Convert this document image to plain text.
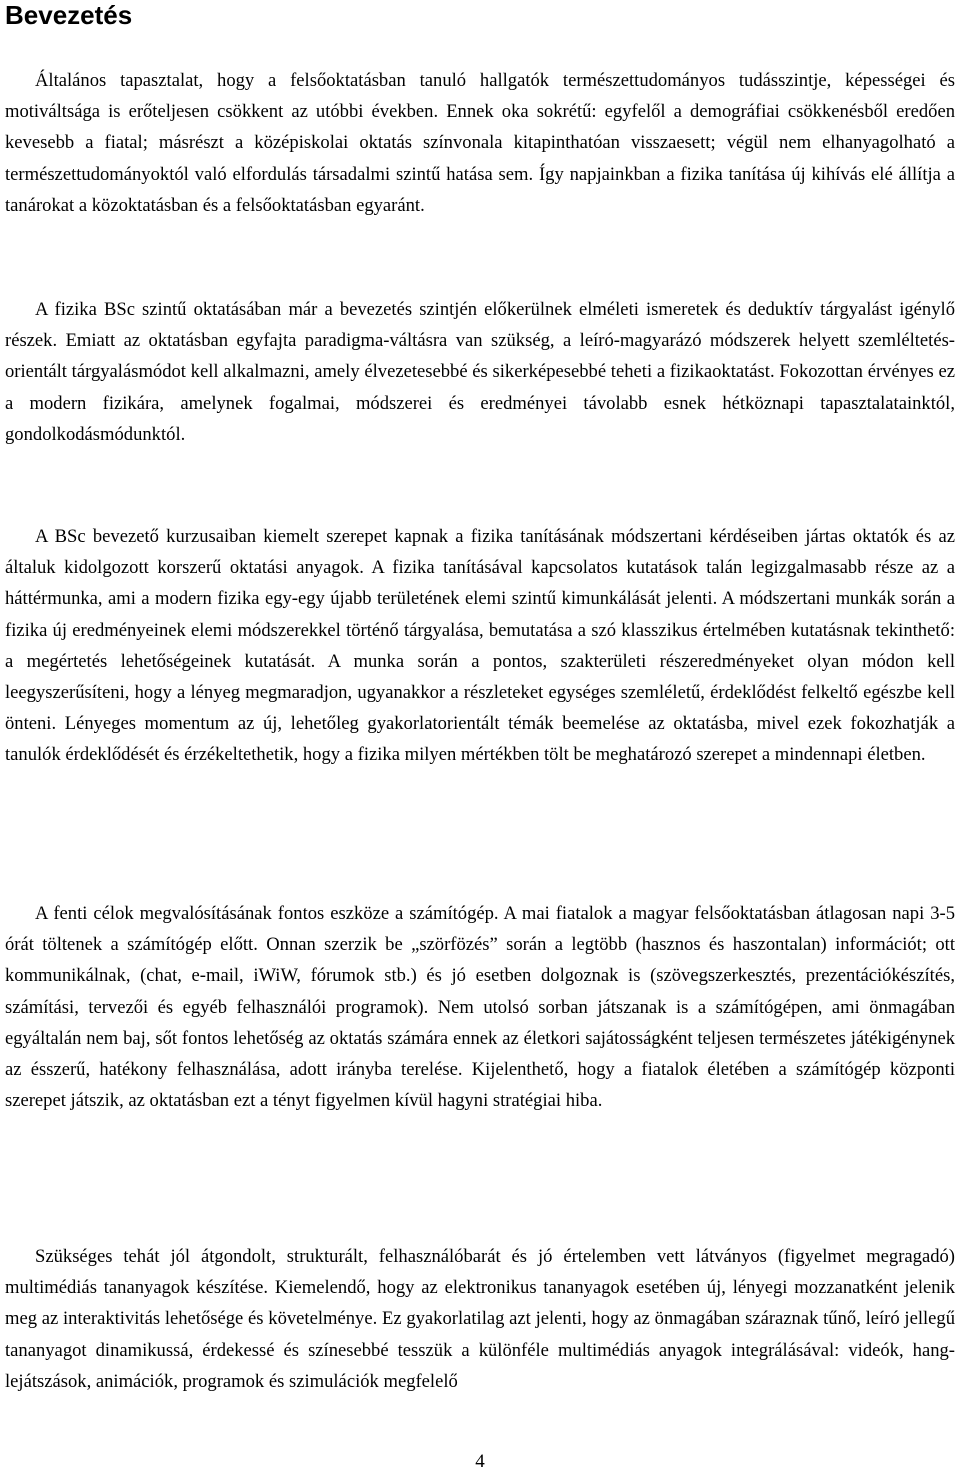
Bevezetés

Általános tapasztalat, hogy a felsőoktatásban tanuló hallgatók természettudományos tudásszintje, képességei és motiváltsága is erőteljesen csökkent az utóbbi években. Ennek oka sokrétű: egyfelől a demográfiai csökkenésből eredően kevesebb a fiatal; másrészt a középiskolai oktatás színvonala kitapinthatóan visszaesett; végül nem elhanyagolható a természettudományoktól való elfordulás társadalmi szintű hatása sem. Így napjainkban a fizika tanítása új kihívás elé állítja a tanárokat a közoktatásban és a felsőoktatásban egyaránt.

A fizika BSc szintű oktatásában már a bevezetés szintjén előkerülnek elméleti ismeretek és deduktív tárgyalást igénylő részek. Emiatt az oktatásban egyfajta paradigma-váltásra van szükség, a leíró-magyarázó módszerek helyett szemléltetés-orientált tárgyalásmódot kell alkalmazni, amely élvezetesebbé és sikerképesebbé teheti a fizikaoktatást. Fokozottan érvényes ez a modern fizikára, amelynek fogalmai, módszerei és eredményei távolabb esnek hétköznapi tapasztalatainktól, gondolkodásmódunktól.

A BSc bevezető kurzusaiban kiemelt szerepet kapnak a fizika tanításának módszertani kérdéseiben jártas oktatók és az általuk kidolgozott korszerű oktatási anyagok. A fizika tanításával kapcsolatos kutatások talán legizgalmasabb része az a háttérmunka, ami a modern fizika egy-egy újabb területének elemi szintű kimunkálását jelenti. A módszertani munkák során a fizika új eredményeinek elemi módszerekkel történő tárgyalása, bemutatása a szó klasszikus értelmében kutatásnak tekinthető: a megértetés lehetőségeinek kutatását. A munka során a pontos, szakterületi részeredményeket olyan módon kell leegyszerűsíteni, hogy a lényeg megmaradjon, ugyanakkor a részleteket egységes szemléletű, érdeklődést felkeltő egészbe kell önteni. Lényeges momentum az új, lehetőleg gyakorlatorientált témák beemelése az oktatásba, mivel ezek fokozhatják a tanulók érdeklődését és érzékeltethetik, hogy a fizika milyen mértékben tölt be meghatározó szerepet a mindennapi életben.

A fenti célok megvalósításának fontos eszköze a számítógép. A mai fiatalok a magyar felsőoktatásban átlagosan napi 3-5 órát töltenek a számítógép előtt. Onnan szerzik be „szörfözés” során a legtöbb (hasznos és haszontalan) információt; ott kommunikálnak, (chat, e-mail, iWiW, fórumok stb.) és jó esetben dolgoznak is (szövegszerkesztés, prezentációkészítés, számítási, tervezői és egyéb felhasználói programok). Nem utolsó sorban játszanak is a számítógépen, ami önmagában egyáltalán nem baj, sőt fontos lehetőség az oktatás számára ennek az életkori sajátosságként teljesen természetes játékigénynek az ésszerű, hatékony felhasználása, adott irányba terelése. Kijelenthető, hogy a fiatalok életében a számítógép központi szerepet játszik, az oktatásban ezt a tényt figyelmen kívül hagyni stratégiai hiba.

Szükséges tehát jól átgondolt, strukturált, felhasználóbarát és jó értelemben vett látványos (figyelmet megragadó) multimédiás tananyagok készítése. Kiemelendő, hogy az elektronikus tananyagok esetében új, lényegi mozzanatként jelenik meg az interaktivitás lehetősége és követelménye. Ez gyakorlatilag azt jelenti, hogy az önmagában száraznak tűnő, leíró jellegű tananyagot dinamikussá, érdekessé és színesebbé tesszük a különféle multimédiás anyagok integrálásával: videók, hang-lejátszások, animációk, programok és szimulációk megfelelő

4
